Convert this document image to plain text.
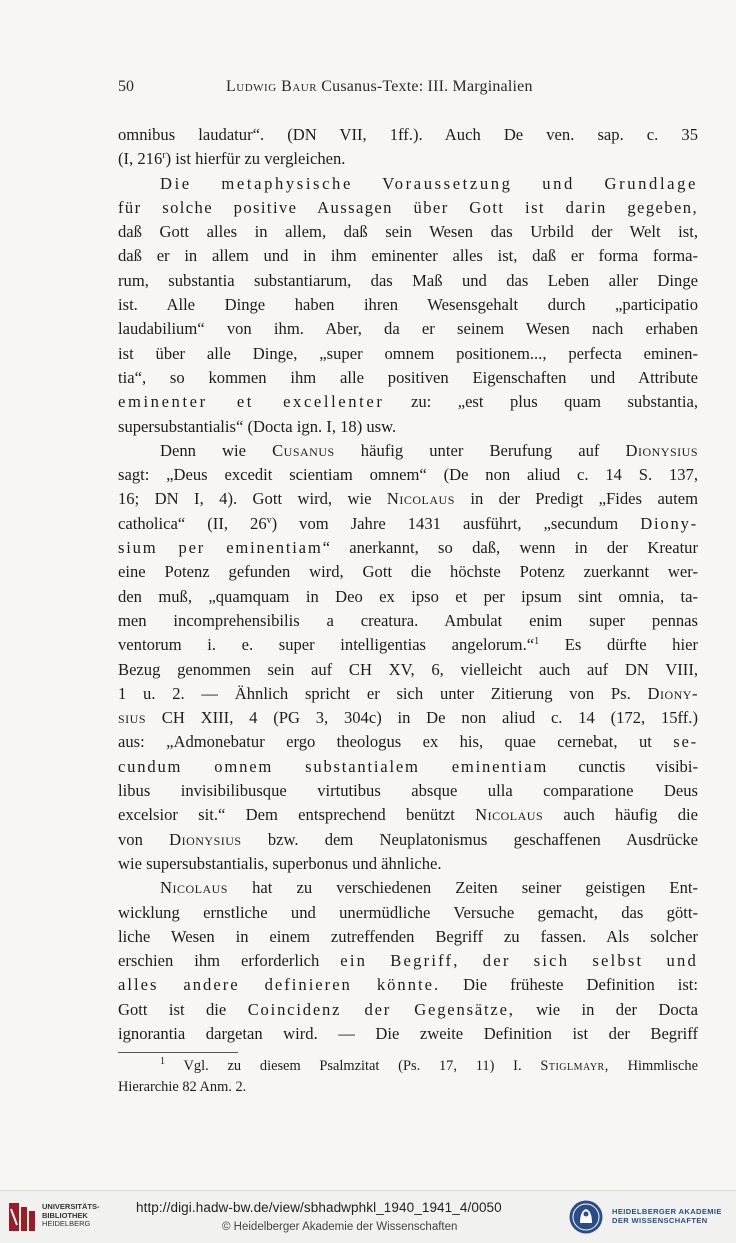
50	Ludwig Baur Cusanus-Texte: III. Marginalien
omnibus laudatur“. (DN VII, 1ff.). Auch De ven. sap. c. 35
(I, 216$^r$) ist hierfür zu vergleichen.
Die metaphysische Voraussetzung und Grundlage
für solche positive Aussagen über Gott ist darin gegeben,
daß Gott alles in allem, daß sein Wesen das Urbild der Welt ist,
daß er in allem und in ihm eminenter alles ist, daß er forma forma-
rum, substantia substantiarum, das Maß und das Leben aller Dinge
ist. Alle Dinge haben ihren Wesensgehalt durch „participatio
laudabilium“ von ihm. Aber, da er seinem Wesen nach erhaben
ist über alle Dinge, „super omnem positionem..., perfecta eminen-
tia“, so kommen ihm alle positiven Eigenschaften und Attribute
eminenter et excellenter zu: „est plus quam substantia,
supersubstantialis“ (Docta ign. I, 18) usw.
Denn wie Cusanus häufig unter Berufung auf Dionysius
sagt: „Deus excedit scientiam omnem“ (De non aliud c. 14 S. 137,
16; DN I, 4). Gott wird, wie Nicolaus in der Predigt „Fides autem
catholica“ (II, 26$^v$) vom Jahre 1431 ausführt, „secundum Diony-
sium per eminentiam“ anerkannt, so daß, wenn in der Kreatur
eine Potenz gefunden wird, Gott die höchste Potenz zuerkannt wer-
den muß, „quamquam in Deo ex ipso et per ipsum sint omnia, ta-
men incomprehensibilis a creatura. Ambulat enim super pennas
ventorum i. e. super intelligentias angelorum.“$^1$ Es dürfte hier
Bezug genommen sein auf CH XV, 6, vielleicht auch auf DN VIII,
1 u. 2. — Ähnlich spricht er sich unter Zitierung von Ps. Diony-
sius CH XIII, 4 (PG 3, 304c) in De non aliud c. 14 (172, 15ff.)
aus: „Admonebatur ergo theologus ex his, quae cernebat, ut se-
cundum omnem substantialem eminentiam cunctis visibi-
libus invisibilibusque virtutibus absque ulla comparatione Deus
excelsior sit.“ Dem entsprechend benützt Nicolaus auch häufig die
von Dionysius bzw. dem Neuplatonismus geschaffenen Ausdrücke
wie supersubstantialis, superbonus und ähnliche.
Nicolaus hat zu verschiedenen Zeiten seiner geistigen Ent-
wicklung ernstliche und unermüdliche Versuche gemacht, das gött-
liche Wesen in einem zutreffenden Begriff zu fassen. Als solcher
erschien ihm erforderlich ein Begriff, der sich selbst und
alles andere definieren könnte. Die früheste Definition ist:
Gott ist die Coincidenz der Gegensätze, wie in der Docta
ignorantia dargetan wird. — Die zweite Definition ist der Begriff
$^1$ Vgl. zu diesem Psalmzitat (Ps. 17, 11) I. Stiglmayr, Himmlische
Hierarchie 82 Anm. 2.
UNIVERSITÄTS-
BIBLIOTHEK
HEIDELBERG
http://digi.hadw-bw.de/view/sbhadwphkl_1940_1941_4/0050
© Heidelberger Akademie der Wissenschaften
HEIDELBERGER AKADEMIE
DER WISSENSCHAFTEN
